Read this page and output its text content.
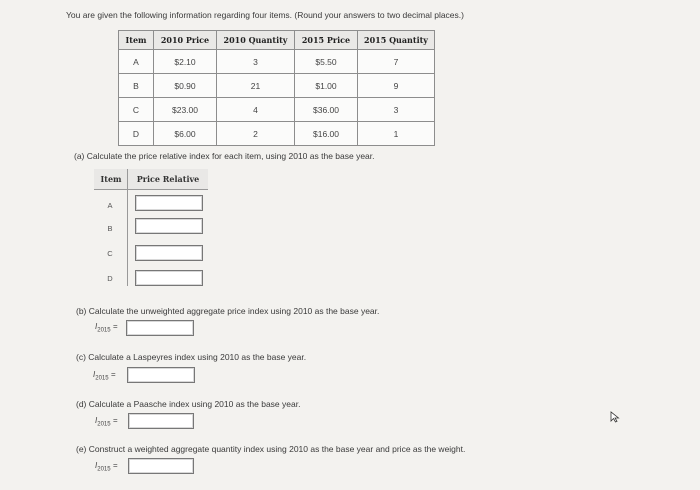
You are given the following information regarding four items. (Round your answers to two decimal places.)
Item	2010 Price	2010 Quantity	2015 Price	2015 Quantity
A	$2.10	3	$5.50	7
B	$0.90	21	$1.00	9
C	$23.00	4	$36.00	3
D	$6.00	2	$16.00	1
(a) Calculate the price relative index for each item, using 2010 as the base year.
Item	Price Relative
A
B
C
D
(b) Calculate the unweighted aggregate price index using 2010 as the base year.
$I_{2015}$ =
(c) Calculate a Laspeyres index using 2010 as the base year.
$I_{2015}$ =
(d) Calculate a Paasche index using 2010 as the base year.
$I_{2015}$ =
(e) Construct a weighted aggregate quantity index using 2010 as the base year and price as the weight.
$I_{2015}$ =
